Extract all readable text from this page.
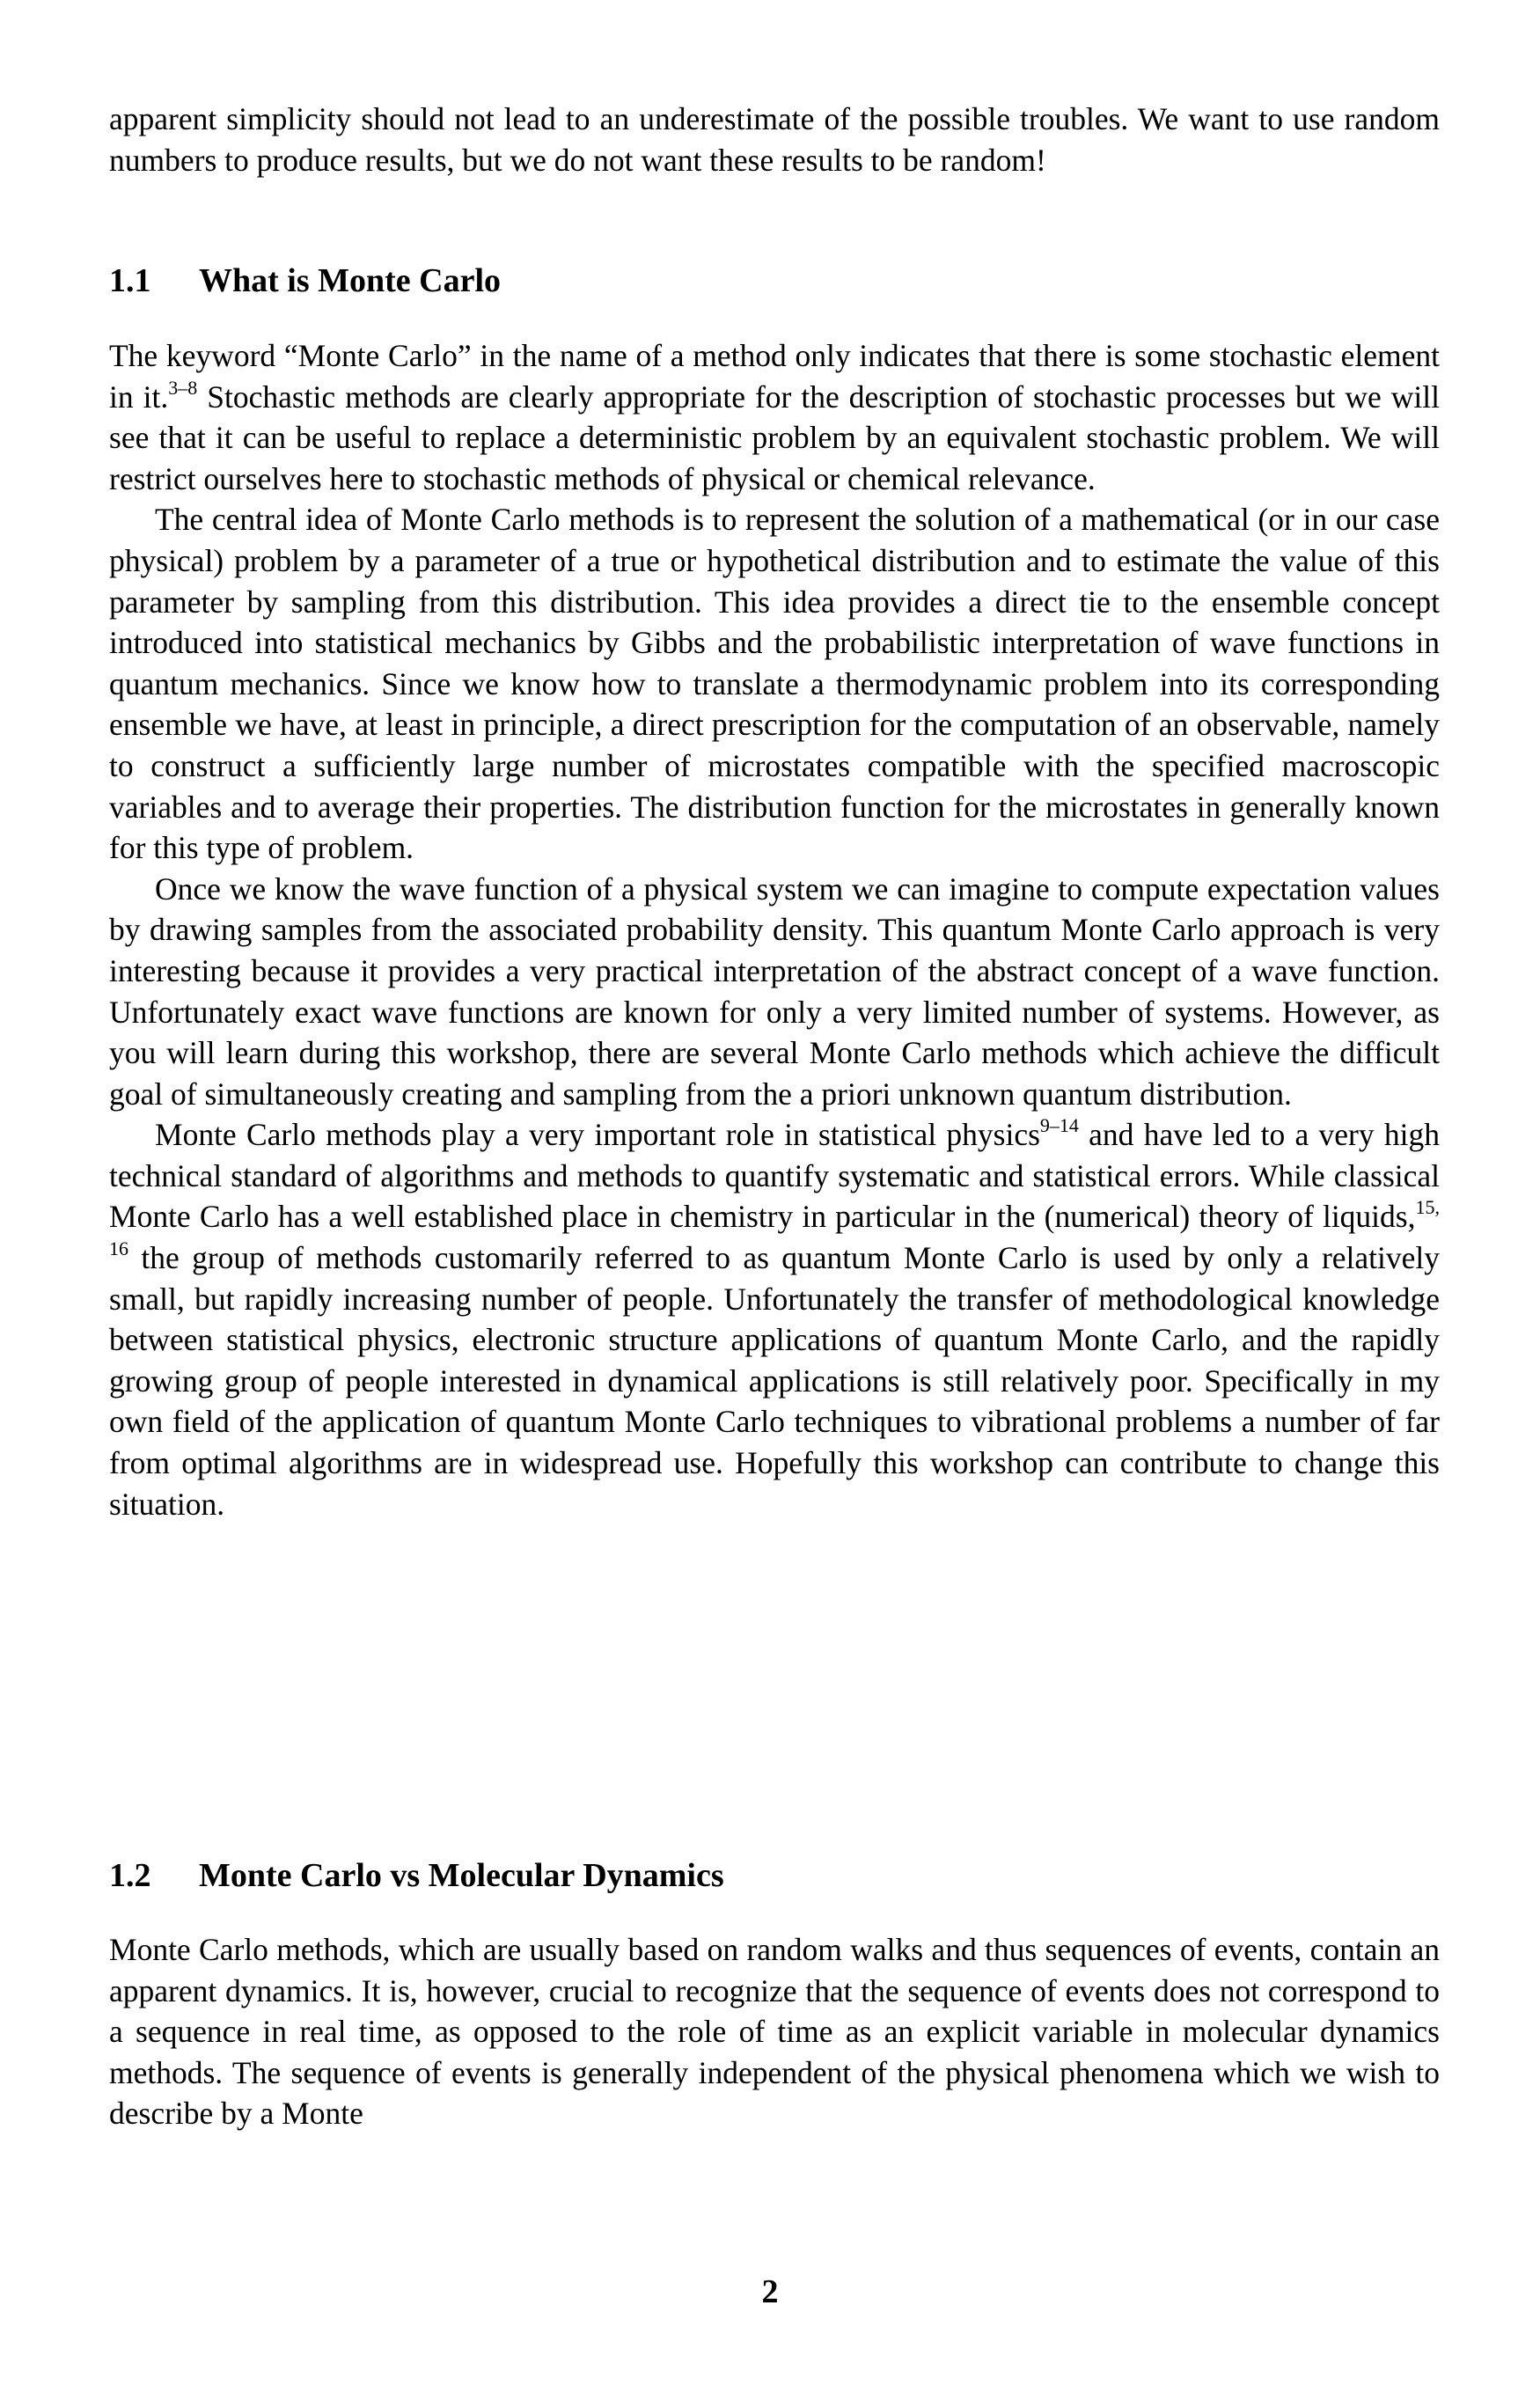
apparent simplicity should not lead to an underestimate of the possible troubles. We want to use random numbers to produce results, but we do not want these results to be random!

1.1 What is Monte Carlo

The keyword “Monte Carlo” in the name of a method only indicates that there is some stochastic element in it.$^{3-8}$ Stochastic methods are clearly appropriate for the description of stochastic processes but we will see that it can be useful to replace a deterministic problem by an equivalent stochastic problem. We will restrict ourselves here to stochastic methods of physical or chemical relevance.

The central idea of Monte Carlo methods is to represent the solution of a mathematical (or in our case physical) problem by a parameter of a true or hypothetical distribution and to estimate the value of this parameter by sampling from this distribution. This idea provides a direct tie to the ensemble concept introduced into statistical mechanics by Gibbs and the probabilistic interpretation of wave functions in quantum mechanics. Since we know how to translate a thermodynamic problem into its corresponding ensemble we have, at least in principle, a direct prescription for the computation of an observable, namely to construct a sufficiently large number of microstates compatible with the specified macroscopic variables and to average their properties. The distribution function for the microstates in generally known for this type of problem.

Once we know the wave function of a physical system we can imagine to compute expectation values by drawing samples from the associated probability density. This quantum Monte Carlo approach is very interesting because it provides a very practical interpretation of the abstract concept of a wave function. Unfortunately exact wave functions are known for only a very limited number of systems. However, as you will learn during this workshop, there are several Monte Carlo methods which achieve the difficult goal of simultaneously creating and sampling from the a priori unknown quantum distribution.

Monte Carlo methods play a very important role in statistical physics$^{9-14}$ and have led to a very high technical standard of algorithms and methods to quantify systematic and statistical errors. While classical Monte Carlo has a well established place in chemistry in particular in the (numerical) theory of liquids,$^{15, 16}$ the group of methods customarily referred to as quantum Monte Carlo is used by only a relatively small, but rapidly increasing number of people. Unfortunately the transfer of methodological knowledge between statistical physics, electronic structure applications of quantum Monte Carlo, and the rapidly growing group of people interested in dynamical applications is still relatively poor. Specifically in my own field of the application of quantum Monte Carlo techniques to vibrational problems a number of far from optimal algorithms are in widespread use. Hopefully this workshop can contribute to change this situation.

1.2 Monte Carlo vs Molecular Dynamics

Monte Carlo methods, which are usually based on random walks and thus sequences of events, contain an apparent dynamics. It is, however, crucial to recognize that the sequence of events does not correspond to a sequence in real time, as opposed to the role of time as an explicit variable in molecular dynamics methods. The sequence of events is generally independent of the physical phenomena which we wish to describe by a Monte

2
